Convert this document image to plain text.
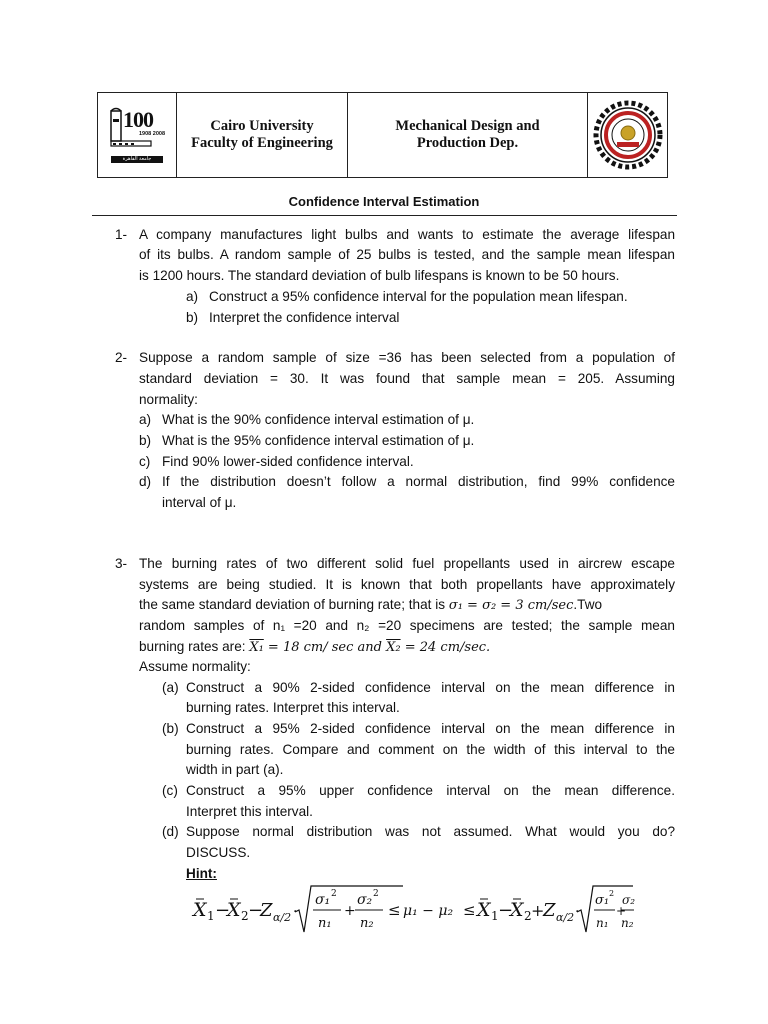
100
1908 2008
جامعة القاهرة
Cairo University
Faculty of Engineering
Mechanical Design and
Production Dep.
Confidence Interval Estimation
1- A company manufactures light bulbs and wants to estimate the average lifespan

of its bulbs. A random sample of 25 bulbs is tested, and the sample mean lifespan

is 1200 hours. The standard deviation of bulb lifespans is known to be 50 hours.

a) Construct a 95% confidence interval for the population mean lifespan.

b) Interpret the confidence interval

2- Suppose a random sample of size =36 has been selected from a population of

standard deviation = 30. It was found that sample mean = 205. Assuming

normality:

a) What is the 90% confidence interval estimation of μ.

b) What is the 95% confidence interval estimation of μ.

c) Find 90% lower-sided confidence interval.

d) If the distribution doesn’t follow a normal distribution, find 99% confidence

interval of μ.

3- The burning rates of two different solid fuel propellants used in aircrew escape

systems are being studied. It is known that both propellants have approximately

the same standard deviation of burning rate; that is σ₁ = σ₂ = 3 cm/sec.Two

random samples of n₁ =20 and n₂ =20 specimens are tested; the sample mean

burning rates are: X₁ = 18 cm/ sec and X₂ = 24 cm/sec.

Assume normality:

(a) Construct a 90% 2-sided confidence interval on the mean difference in

burning rates. Interpret this interval.

(b) Construct a 95% 2-sided confidence interval on the mean difference in

burning rates. Compare and comment on the width of this interval to the

width in part (a).

(c) Construct a 95% upper confidence interval on the mean difference.

Interpret this interval.

(d) Suppose normal distribution was not assumed. What would you do?

DISCUSS.

Hint:

X 1 −
X 2 −
Z α/2 ·
σ₁ 2
n₁
+
σ₂ 2
n₂
≤ μ₁ − μ₂ ≤ X 1 −
X 2 +
Z α/2 ·
σ₁ 2
n₁
+
σ₂
n₂
